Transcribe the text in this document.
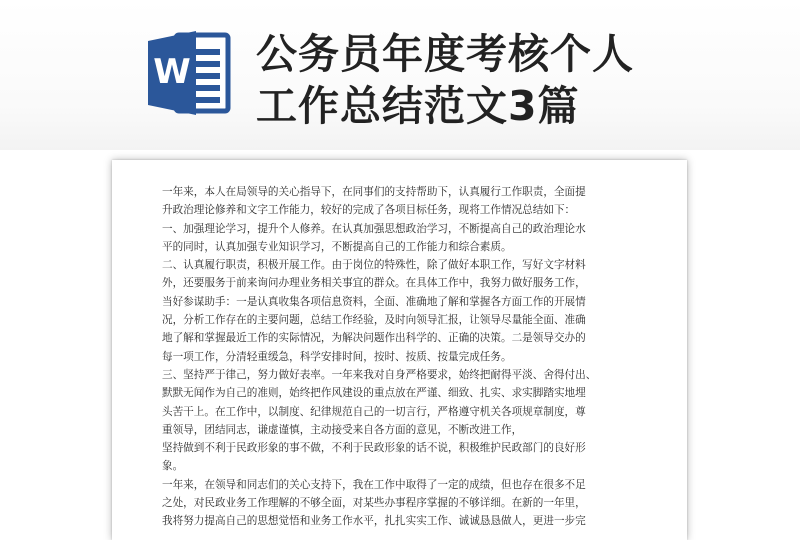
W 公务员年度考核个人
工作总结范文3篇
一年来，本人在局领导的关心指导下，在同事们的支持帮助下，认真履行工作职责，全面提
升政治理论修养和文字工作能力，较好的完成了各项目标任务，现将工作情况总结如下：
一、加强理论学习，提升个人修养。在认真加强思想政治学习，不断提高自己的政治理论水
平的同时，认真加强专业知识学习，不断提高自己的工作能力和综合素质。
二、认真履行职责，积极开展工作。由于岗位的特殊性，除了做好本职工作，写好文字材料
外，还要服务于前来询问办理业务相关事宜的群众。在具体工作中，我努力做好服务工作，
当好参谋助手：一是认真收集各项信息资料，全面、准确地了解和掌握各方面工作的开展情
况，分析工作存在的主要问题，总结工作经验，及时向领导汇报，让领导尽量能全面、准确
地了解和掌握最近工作的实际情况，为解决问题作出科学的、正确的决策。二是领导交办的
每一项工作，分清轻重缓急，科学安排时间，按时、按质、按量完成任务。
三、坚持严于律己，努力做好表率。一年来我对自身严格要求，始终把耐得平淡、舍得付出、
默默无闻作为自己的准则，始终把作风建设的重点放在严谨、细致、扎实、求实脚踏实地埋
头苦干上。在工作中，以制度、纪律规范自己的一切言行，严格遵守机关各项规章制度，尊
重领导，团结同志，谦虚谨慎，主动接受来自各方面的意见，不断改进工作，
坚持做到不利于民政形象的事不做，不利于民政形象的话不说，积极维护民政部门的良好形
象。
一年来，在领导和同志们的关心支持下，我在工作中取得了一定的成绩，但也存在很多不足
之处，对民政业务工作理解的不够全面，对某些办事程序掌握的不够详细。在新的一年里，
我将努力提高自己的思想觉悟和业务工作水平，扎扎实实工作、诚诚恳恳做人，更进一步完
